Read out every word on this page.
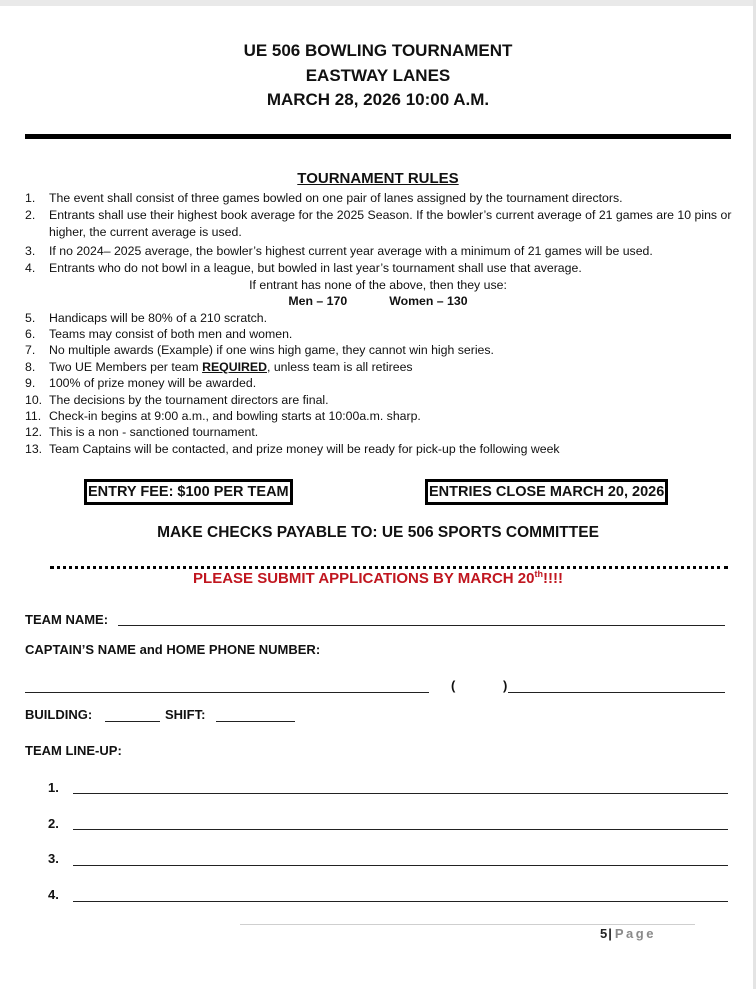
UE 506 BOWLING TOURNAMENT
EASTWAY LANES
MARCH 28, 2026 10:00 A.M.
TOURNAMENT RULES
1. The event shall consist of three games bowled on one pair of lanes assigned by the tournament directors.
2. Entrants shall use their highest book average for the 2025 Season. If the bowler’s current average of 21 games are 10 pins or higher, the current average is used.
3. If no 2024– 2025 average, the bowler’s highest current year average with a minimum of 21 games will be used.
4. Entrants who do not bowl in a league, but bowled in last year’s tournament shall use that average.
If entrant has none of the above, then they use:
Men – 170	Women – 130
5. Handicaps will be 80% of a 210 scratch.
6. Teams may consist of both men and women.
7. No multiple awards (Example) if one wins high game, they cannot win high series.
8. Two UE Members per team REQUIRED, unless team is all retirees
9. 100% of prize money will be awarded.
10. The decisions by the tournament directors are final.
11. Check-in begins at 9:00 a.m., and bowling starts at 10:00a.m. sharp.
12. This is a non - sanctioned tournament.
13. Team Captains will be contacted, and prize money will be ready for pick-up the following week
ENTRY FEE: $100 PER TEAM	ENTRIES CLOSE MARCH 20, 2026
MAKE CHECKS PAYABLE TO: UE 506 SPORTS COMMITTEE
PLEASE SUBMIT APPLICATIONS BY MARCH 20th!!!!
TEAM NAME:
CAPTAIN’S NAME and HOME PHONE NUMBER:
(	)
BUILDING:	SHIFT:
TEAM LINE-UP:
1.
2.
3.
4.
5| Page
